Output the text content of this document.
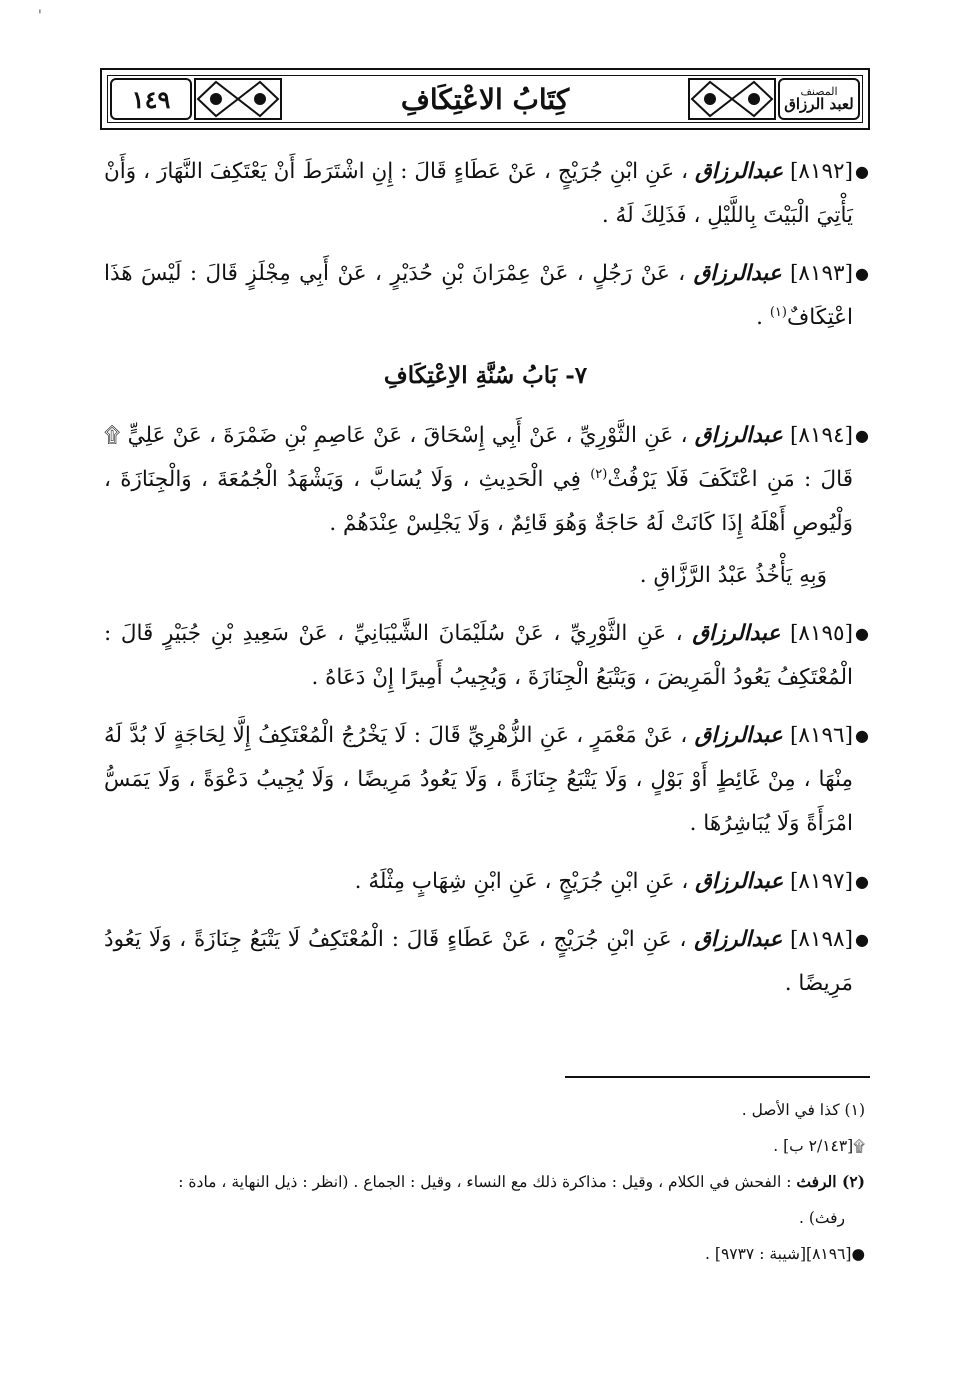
'
١٤٩	كِتَابُ الاعْتِكَافِ	المصنف
لعبد الرزاق

●
[٨١٩٢] عبدالرزاق ، عَنِ ابْنِ جُرَيْجٍ ، عَنْ عَطَاءٍ قَالَ : إِنِ اشْتَرَطَ أَنْ يَعْتَكِفَ النَّهَارَ ، وَأَنْ يَأْتِيَ الْبَيْتَ بِاللَّيْلِ ، فَذَلِكَ لَهُ .

●
[٨١٩٣] عبدالرزاق ، عَنْ رَجُلٍ ، عَنْ عِمْرَانَ بْنِ حُدَيْرٍ ، عَنْ أَبِي مِجْلَزٍ قَالَ : لَيْسَ هَذَا اعْتِكَافٌ$^{(١)}$ .

٧- بَابُ سُنَّةِ الاِعْتِكَافِ

●
[٨١٩٤] عبدالرزاق ، عَنِ الثَّوْرِيِّ ، عَنْ أَبِي إِسْحَاقَ ، عَنْ عَاصِمِ بْنِ ضَمْرَةَ ، عَنْ عَلِيٍّ ۩ قَالَ : مَنِ اعْتَكَفَ فَلَا يَرْفُثْ$^{(٢)}$ فِي الْحَدِيثِ ، وَلَا يُسَابَّ ، وَيَشْهَدُ الْجُمُعَةَ ، وَالْجِنَازَةَ ، وَلْيُوصِ أَهْلَهُ إِذَا كَانَتْ لَهُ حَاجَةٌ وَهُوَ قَائِمٌ ، وَلَا يَجْلِسْ عِنْدَهُمْ .

وَبِهِ يَأْخُذُ عَبْدُ الرَّزَّاقِ .

●
[٨١٩٥] عبدالرزاق ، عَنِ الثَّوْرِيِّ ، عَنْ سُلَيْمَانَ الشَّيْبَانِيِّ ، عَنْ سَعِيدِ بْنِ جُبَيْرٍ قَالَ : الْمُعْتَكِفُ يَعُودُ الْمَرِيضَ ، وَيَتْبَعُ الْجِنَازَةَ ، وَيُجِيبُ أَمِيرًا إِنْ دَعَاهُ .

●
[٨١٩٦] عبدالرزاق ، عَنْ مَعْمَرٍ ، عَنِ الزُّهْرِيِّ قَالَ : لَا يَخْرُجُ الْمُعْتَكِفُ إِلَّا لِحَاجَةٍ لَا بُدَّ لَهُ مِنْهَا ، مِنْ غَائِطٍ أَوْ بَوْلٍ ، وَلَا يَتْبَعُ جِنَازَةً ، وَلَا يَعُودُ مَرِيضًا ، وَلَا يُجِيبُ دَعْوَةً ، وَلَا يَمَسُّ امْرَأَةً وَلَا يُبَاشِرُهَا .

●
[٨١٩٧] عبدالرزاق ، عَنِ ابْنِ جُرَيْجٍ ، عَنِ ابْنِ شِهَابٍ مِثْلَهُ .

●
[٨١٩٨] عبدالرزاق ، عَنِ ابْنِ جُرَيْجٍ ، عَنْ عَطَاءٍ قَالَ : الْمُعْتَكِفُ لَا يَتْبَعُ جِنَازَةً ، وَلَا يَعُودُ مَرِيضًا .

(١) كذا في الأصل .

۩[٢/١٤٣ ب] .

(٢) الرفث : الفحش في الكلام ، وقيل : مذاكرة ذلك مع النساء ، وقيل : الجماع . (انظر : ذيل النهاية ، مادة :

رفث) .

●[٨١٩٦][شيبة : ٩٧٣٧] .
